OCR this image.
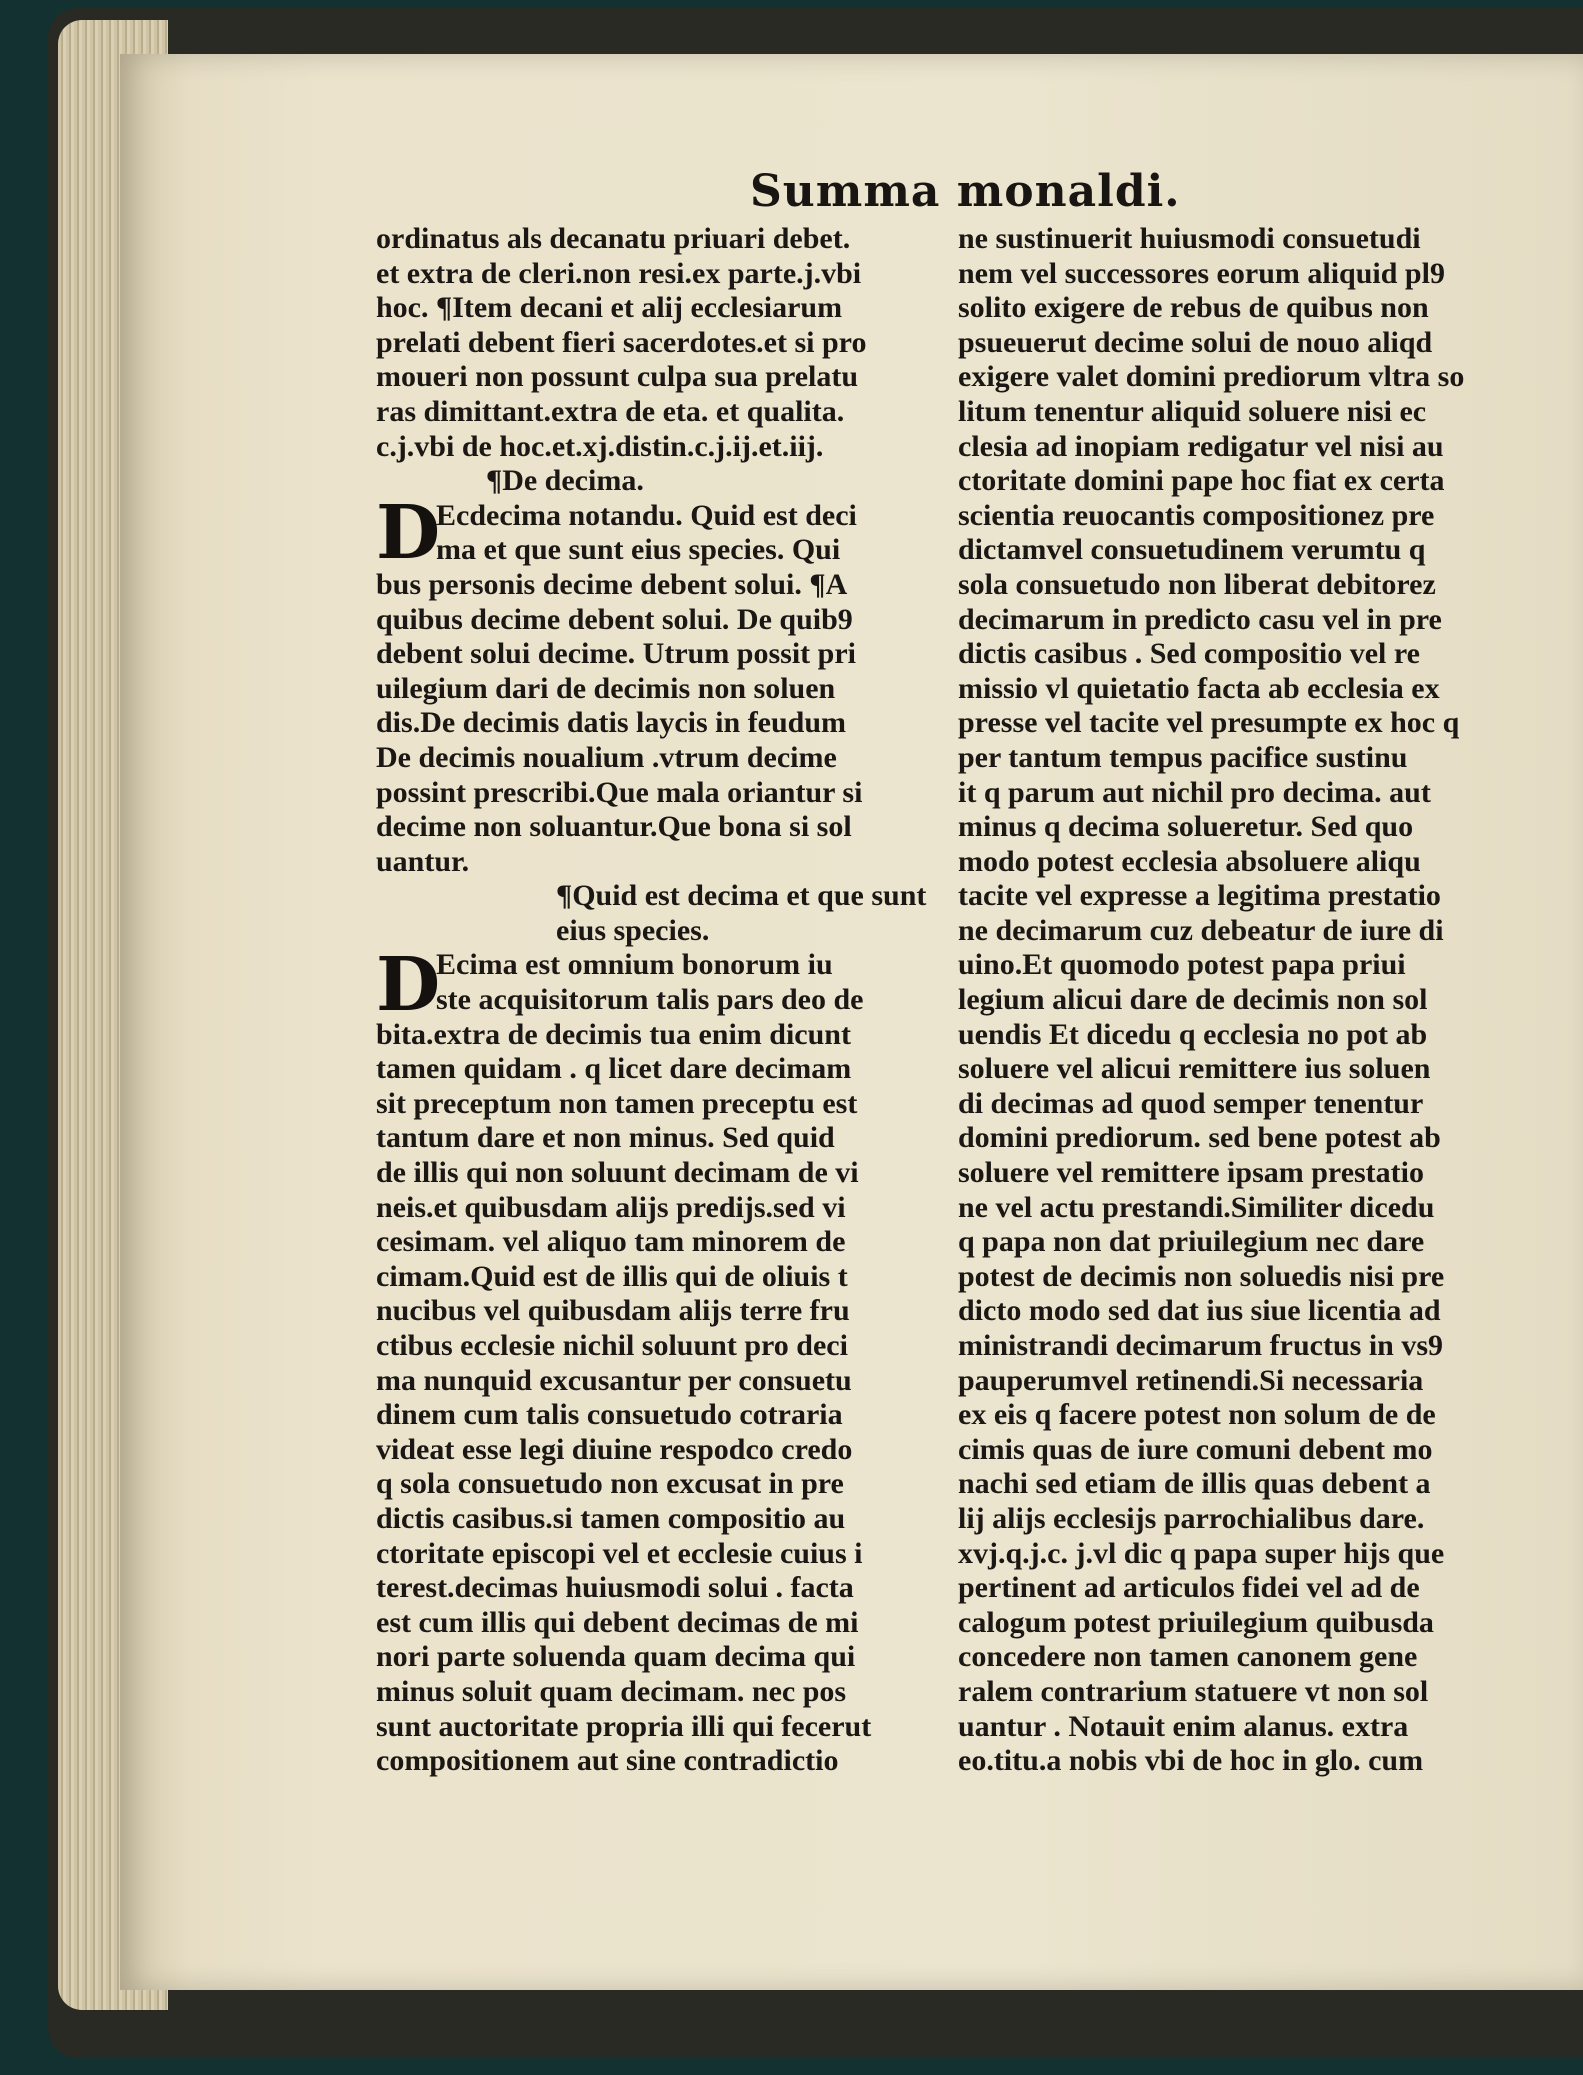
Summa monaldi.
D
D
ordinatus als decanatu priuari debet.
et extra de cleri.non resi.ex parte.j.vbi
hoc. ¶Item decani et alij ecclesiarum
prelati debent fieri sacerdotes.et si pro
moueri non possunt culpa sua prelatu
ras dimittant.extra de eta. et qualita.
c.j.vbi de hoc.et.xj.distin.c.j.ij.et.iij.
¶De decima.
Ecdecima notandu. Quid est deci
ma et que sunt eius species. Qui
bus personis decime debent solui. ¶A
quibus decime debent solui. De quib9
debent solui decime. Utrum possit pri
uilegium dari de decimis non soluen
dis.De decimis datis laycis in feudum
De decimis noualium .vtrum decime
possint prescribi.Que mala oriantur si
decime non soluantur.Que bona si sol
uantur.
¶Quid est decima et que sunt
eius species.
Ecima est omnium bonorum iu
ste acquisitorum talis pars deo de
bita.extra de decimis tua enim dicunt
tamen quidam . q licet dare decimam
sit preceptum non tamen preceptu est
tantum dare et non minus. Sed quid
de illis qui non soluunt decimam de vi
neis.et quibusdam alijs predijs.sed vi
cesimam. vel aliquo tam minorem de
cimam.Quid est de illis qui de oliuis t
nucibus vel quibusdam alijs terre fru
ctibus ecclesie nichil soluunt pro deci
ma nunquid excusantur per consuetu
dinem cum talis consuetudo cotraria
videat esse legi diuine respodco credo
q sola consuetudo non excusat in pre
dictis casibus.si tamen compositio au
ctoritate episcopi vel et ecclesie cuius i
terest.decimas huiusmodi solui . facta
est cum illis qui debent decimas de mi
nori parte soluenda quam decima qui
minus soluit quam decimam. nec pos
sunt auctoritate propria illi qui fecerut
compositionem aut sine contradictio
ne sustinuerit huiusmodi consuetudi
nem vel successores eorum aliquid pl9
solito exigere de rebus de quibus non
psueuerut decime solui de nouo aliqd
exigere valet domini prediorum vltra so
litum tenentur aliquid soluere nisi ec
clesia ad inopiam redigatur vel nisi au
ctoritate domini pape hoc fiat ex certa
scientia reuocantis compositionez pre
dictamvel consuetudinem verumtu q
sola consuetudo non liberat debitorez
decimarum in predicto casu vel in pre
dictis casibus . Sed compositio vel re
missio vl quietatio facta ab ecclesia ex
presse vel tacite vel presumpte ex hoc q
per tantum tempus pacifice sustinu
it q parum aut nichil pro decima. aut
minus q decima solueretur. Sed quo
modo potest ecclesia absoluere aliqu
tacite vel expresse a legitima prestatio
ne decimarum cuz debeatur de iure di
uino.Et quomodo potest papa priui
legium alicui dare de decimis non sol
uendis Et dicedu q ecclesia no pot ab
soluere vel alicui remittere ius soluen
di decimas ad quod semper tenentur
domini prediorum. sed bene potest ab
soluere vel remittere ipsam prestatio
ne vel actu prestandi.Similiter dicedu
q papa non dat priuilegium nec dare
potest de decimis non soluedis nisi pre
dicto modo sed dat ius siue licentia ad
ministrandi decimarum fructus in vs9
pauperumvel retinendi.Si necessaria
ex eis q facere potest non solum de de
cimis quas de iure comuni debent mo
nachi sed etiam de illis quas debent a
lij alijs ecclesijs parrochialibus dare.
xvj.q.j.c. j.vl dic q papa super hijs que
pertinent ad articulos fidei vel ad de
calogum potest priuilegium quibusda
concedere non tamen canonem gene
ralem contrarium statuere vt non sol
uantur . Notauit enim alanus. extra
eo.titu.a nobis vbi de hoc in glo. cum
